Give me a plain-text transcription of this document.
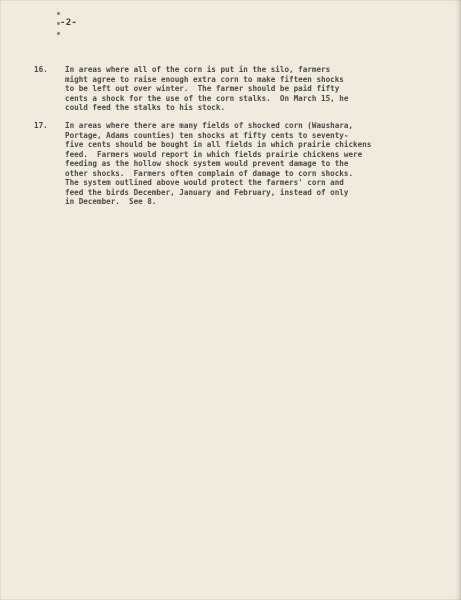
-2-
16.	In areas where all of the corn is put in the silo, farmers
might agree to raise enough extra corn to make fifteen shocks
to be left out over winter.  The farmer should be paid fifty
cents a shock for the use of the corn stalks.  On March 15, he
could feed the stalks to his stock.
17.	In areas where there are many fields of shocked corn (Waushara,
Portage, Adams counties) ten shocks at fifty cents to seventy-
five cents should be bought in all fields in which prairie chickens
feed.  Farmers would report in which fields prairie chickens were
feeding as the hollow shock system would prevent damage to the
other shocks.  Farmers often complain of damage to corn shocks.
The system outlined above would protect the farmers' corn and
feed the birds December, January and February, instead of only
in December.  See 8.
